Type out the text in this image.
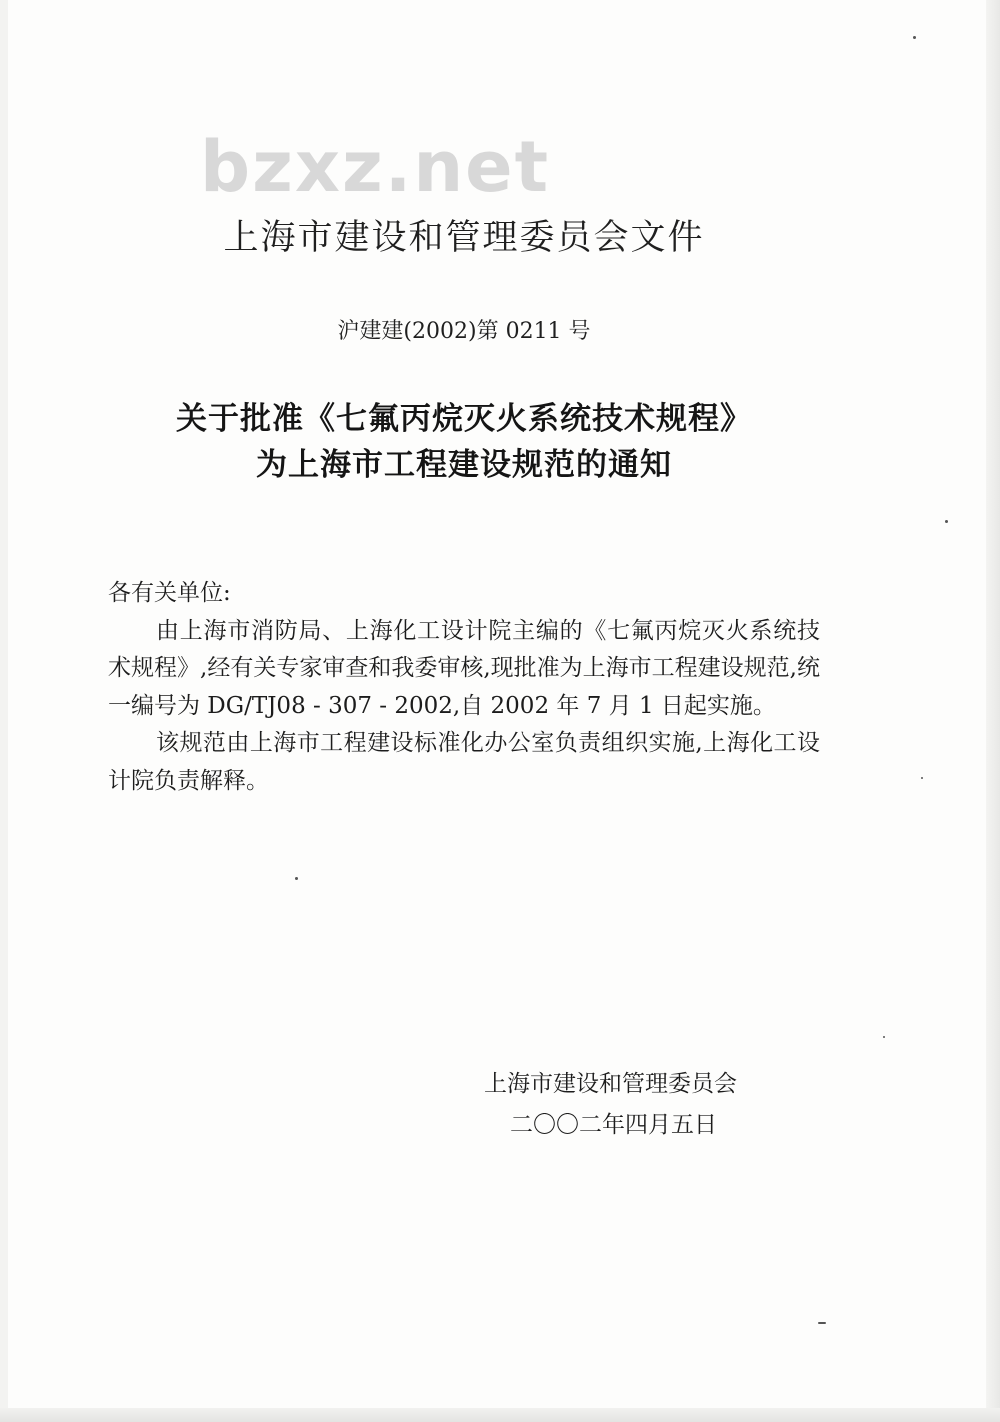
bzxz.net
上海市建设和管理委员会文件
沪建建(2002)第 0211 号
关于批准《七氟丙烷灭火系统技术规程》
为上海市工程建设规范的通知

各有关单位:

由上海市消防局、上海化工设计院主编的《七氟丙烷灭火系统技术规程》,经有关专家审查和我委审核,现批准为上海市工程建设规范,统一编号为 DG/TJ08 - 307 - 2002,自 2002 年 7 月 1 日起实施。

该规范由上海市工程建设标准化办公室负责组织实施,上海化工设计院负责解释。

上海市建设和管理委员会
二〇〇二年四月五日
